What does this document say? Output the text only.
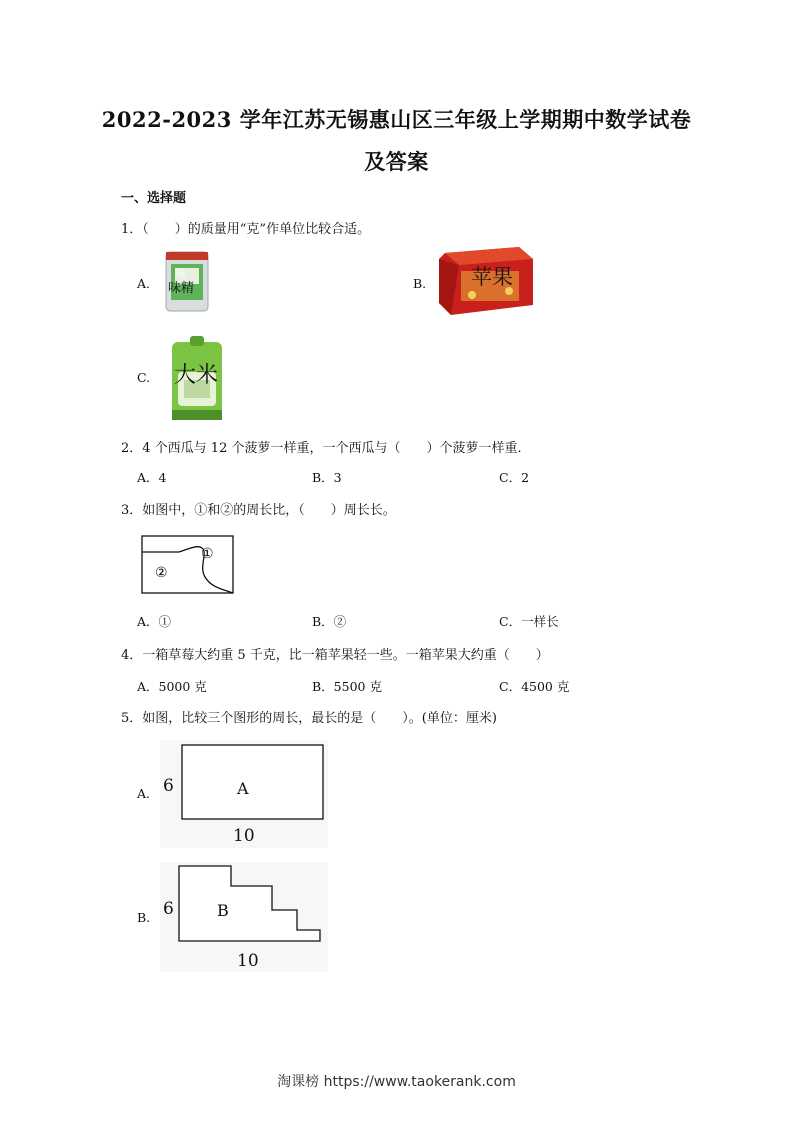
2022-2023 学年江苏无锡惠山区三年级上学期期中数学试卷
及答案
一、选择题
1．（　　）的质量用“克”作单位比较合适。
A.	B.
C.
味
味精	苹果
大米
2．4 个西瓜与 12 个菠萝一样重，一个西瓜与（　　）个菠萝一样重．
A．4	B．3	C．2
3．如图中，①和②的周长比，（　　）周长长。
①
②
A．①	B．②	C．一样长
4．一箱草莓大约重 5 千克，比一箱苹果轻一些。一箱苹果大约重（　　）
A．5000 克	B．5500 克	C．4500 克
5．如图，比较三个图形的周长，最长的是（　　）。(单位：厘米)
A. 6	A
10
B. 6	B
10
淘课榜 https://www.taokerank.com
